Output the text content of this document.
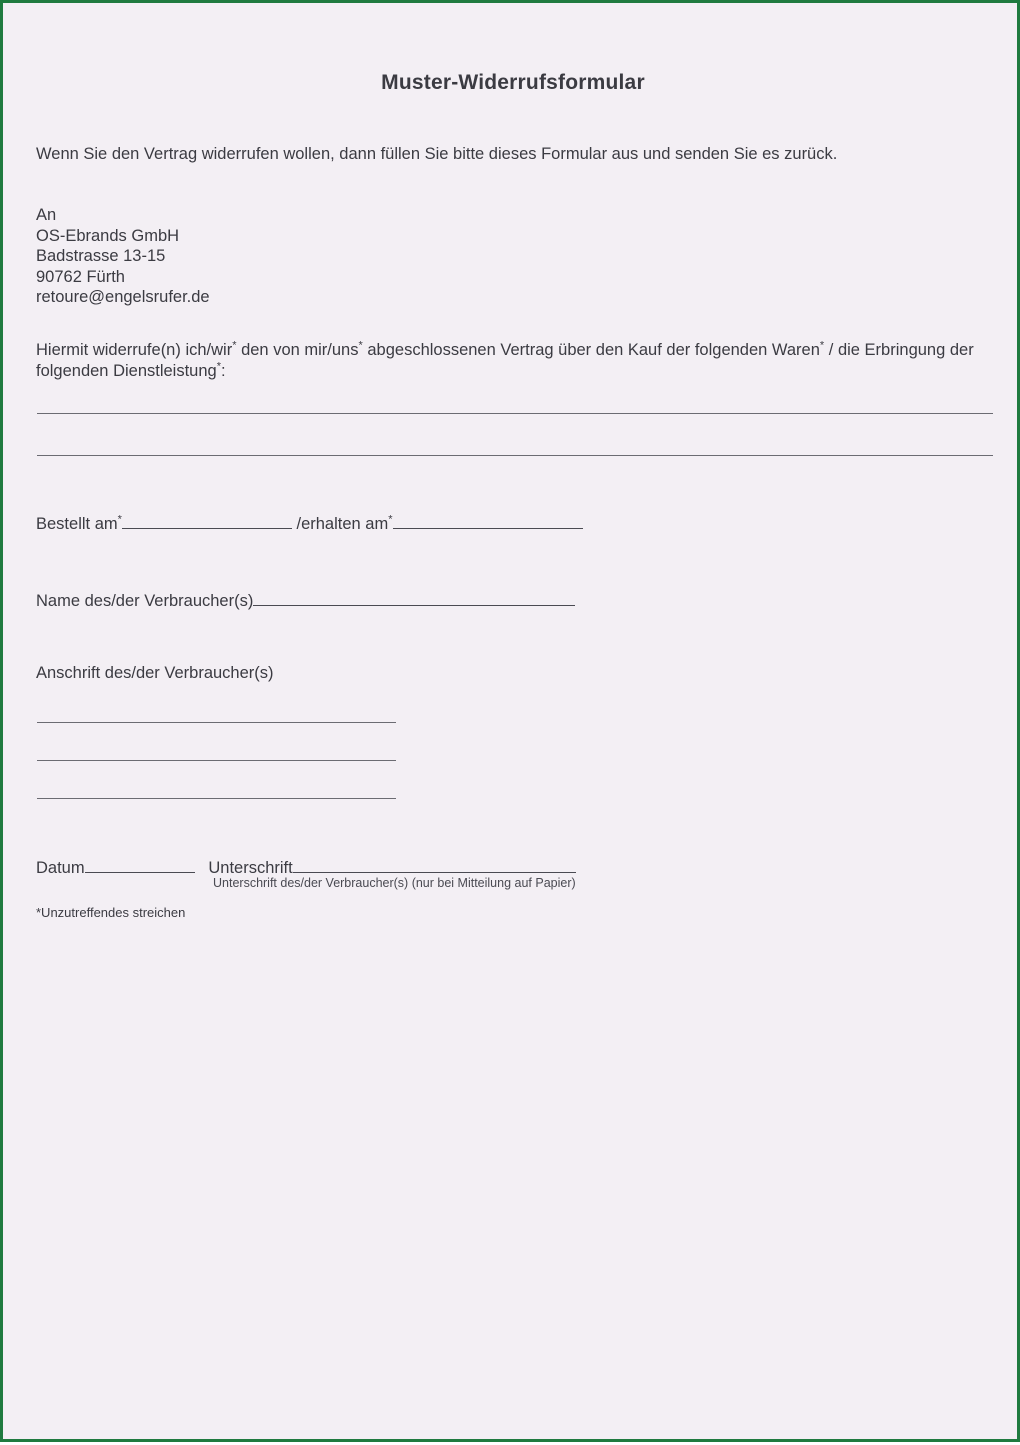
Muster-Widerrufsformular
Wenn Sie den Vertrag widerrufen wollen, dann füllen Sie bitte dieses Formular aus und senden Sie es zurück.
An
OS-Ebrands GmbH
Badstrasse 13-15
90762 Fürth
retoure@engelsrufer.de
Hiermit widerrufe(n) ich/wir* den von mir/uns* abgeschlossenen Vertrag über den Kauf der folgenden Waren* / die Erbringung der folgenden Dienstleistung*:
Bestellt am*	/erhalten am*
Name des/der Verbraucher(s)
Anschrift des/der Verbraucher(s)
Datum	Unterschrift
Unterschrift des/der Verbraucher(s) (nur bei Mitteilung auf Papier)
*Unzutreffendes streichen
